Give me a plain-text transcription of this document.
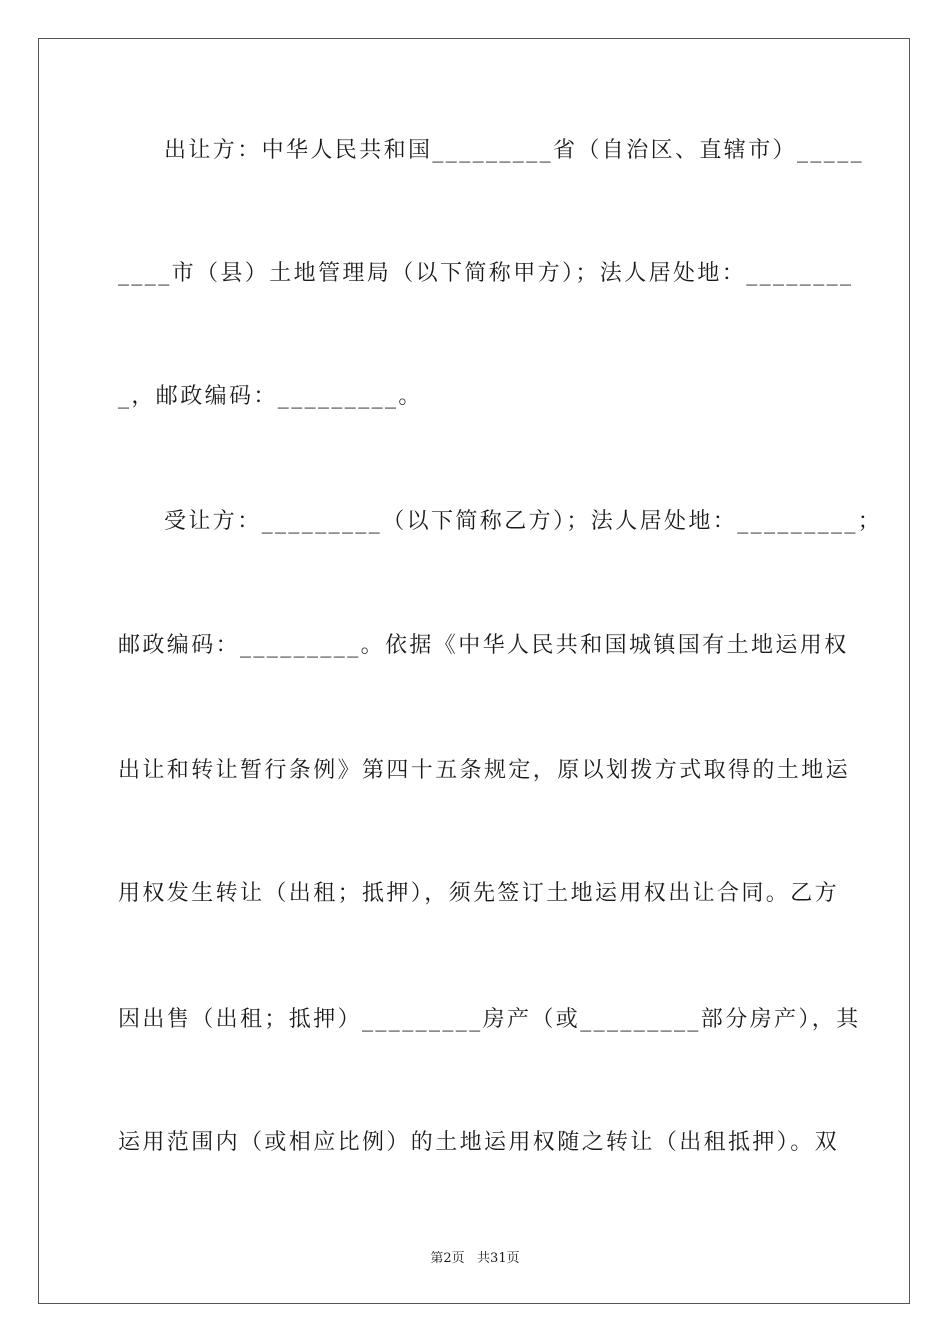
出让方：中华人民共和国_________省（自治区、直辖市）_____
____市（县）土地管理局（以下简称甲方）；法人居处地：________
_，邮政编码：_________。
受让方：_________（以下简称乙方）；法人居处地：_________；
邮政编码：_________。依据《中华人民共和国城镇国有土地运用权
出让和转让暂行条例》第四十五条规定，原以划拨方式取得的土地运
用权发生转让（出租；抵押），须先签订土地运用权出让合同。乙方
因出售（出租；抵押）_________房产（或_________部分房产），其
运用范围内（或相应比例）的土地运用权随之转让（出租抵押）。双
第2页   共31页
